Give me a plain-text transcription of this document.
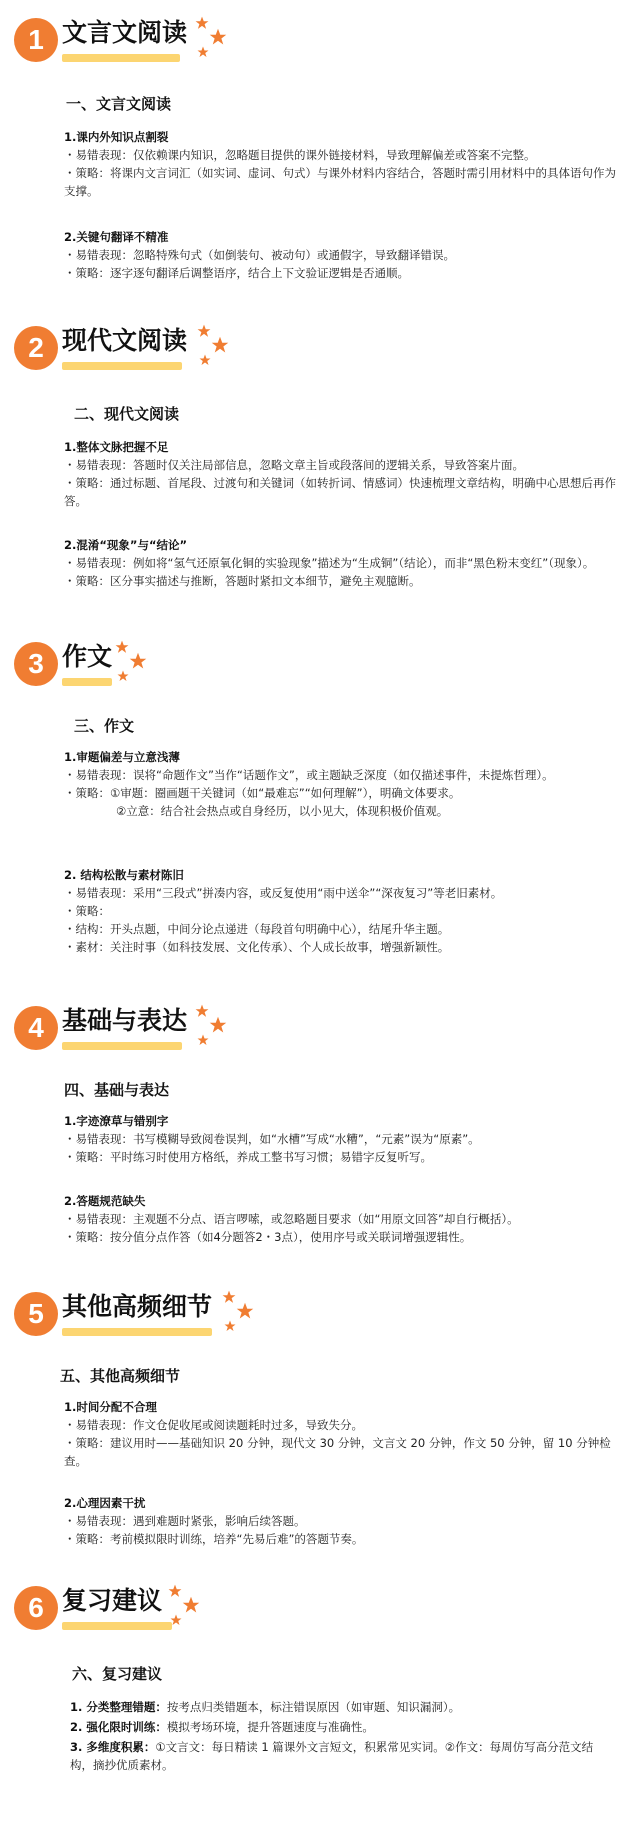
1 文言文阅读
一、文言文阅读
1.课内外知识点割裂
・易错表现：仅依赖课内知识，忽略题目提供的课外链接材料，导致理解偏差或答案不完整。
・策略：将课内文言词汇（如实词、虚词、句式）与课外材料内容结合，答题时需引用材料中的具体语句作为支撑。
2.关键句翻译不精准
・易错表现：忽略特殊句式（如倒装句、被动句）或通假字，导致翻译错误。
・策略：逐字逐句翻译后调整语序，结合上下文验证逻辑是否通顺。
2 现代文阅读
二、现代文阅读
1.整体文脉把握不足
・易错表现：答题时仅关注局部信息，忽略文章主旨或段落间的逻辑关系，导致答案片面。
・策略：通过标题、首尾段、过渡句和关键词（如转折词、情感词）快速梳理文章结构，明确中心思想后再作答。
2.混淆“现象”与“结论”
・易错表现：例如将“氢气还原氧化铜的实验现象”描述为“生成铜”（结论），而非“黑色粉末变红”（现象）。
・策略：区分事实描述与推断，答题时紧扣文本细节，避免主观臆断。
3 作文
三、作文
1.审题偏差与立意浅薄
・易错表现：误将“命题作文”当作“话题作文”，或主题缺乏深度（如仅描述事件，未提炼哲理）。
・策略：①审题：圈画题干关键词（如“最难忘”“如何理解”），明确文体要求。
②立意：结合社会热点或自身经历，以小见大，体现积极价值观。
2. 结构松散与素材陈旧
・易错表现：采用“三段式”拼凑内容，或反复使用“雨中送伞”“深夜复习”等老旧素材。
・策略：
・结构：开头点题，中间分论点递进（每段首句明确中心），结尾升华主题。
・素材：关注时事（如科技发展、文化传承）、个人成长故事，增强新颖性。
4 基础与表达
四、基础与表达
1.字迹潦草与错别字
・易错表现：书写模糊导致阅卷误判，如“水槽”写成“水糟”，“元素”误为“原素”。
・策略：平时练习时使用方格纸，养成工整书写习惯；易错字反复听写。
2.答题规范缺失
・易错表现：主观题不分点、语言啰嗦，或忽略题目要求（如“用原文回答”却自行概括）。
・策略：按分值分点作答（如4分题答2・3点），使用序号或关联词增强逻辑性。
5 其他高频细节
五、其他高频细节
1.时间分配不合理
・易错表现：作文仓促收尾或阅读题耗时过多，导致失分。
・策略：建议用时——基础知识 20 分钟，现代文 30 分钟，文言文 20 分钟，作文 50 分钟，留 10 分钟检查。
2.心理因素干扰
・易错表现：遇到难题时紧张，影响后续答题。
・策略：考前模拟限时训练，培养“先易后难”的答题节奏。
6 复习建议
六、复习建议
1. 分类整理错题：按考点归类错题本，标注错误原因（如审题、知识漏洞）。
2. 强化限时训练：模拟考场环境，提升答题速度与准确性。
3. 多维度积累：①文言文：每日精读 1 篇课外文言短文，积累常见实词。②作文：每周仿写高分范文结构，摘抄优质素材。
